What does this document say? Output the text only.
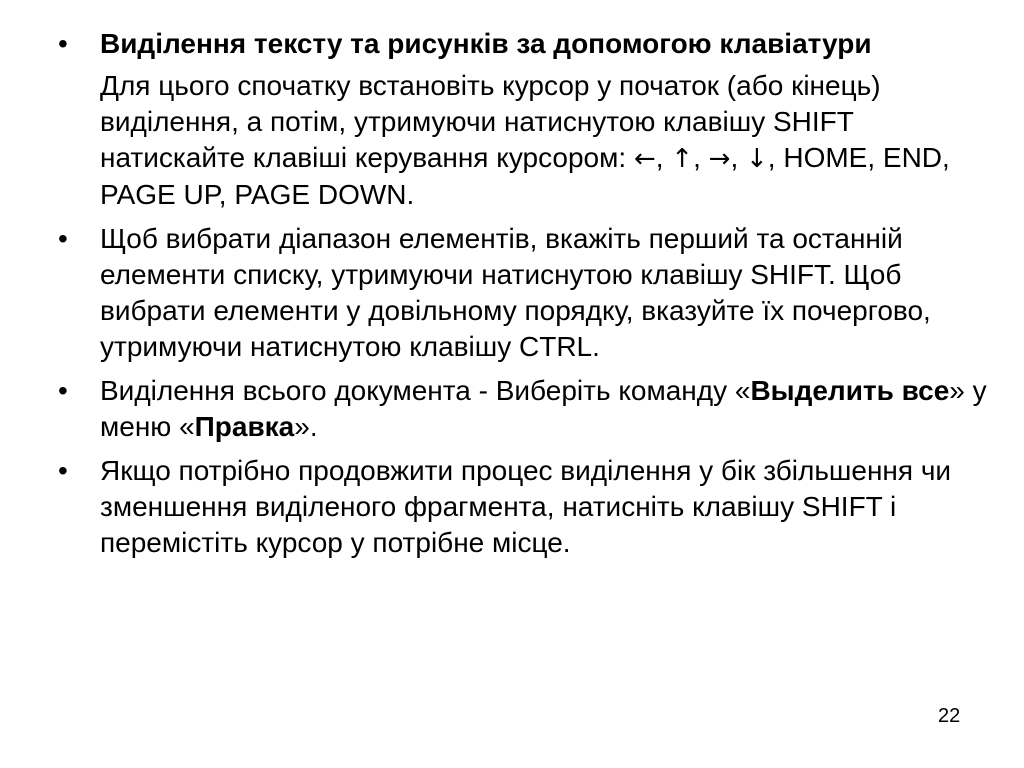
•	Виділення тексту та рисунків за допомогою клавіатури
Для цього спочатку встановіть курсор у початок (або кінець) виділення, а потім, утримуючи натиснутою клавішу SHIFT натискайте клавіші керування курсором: ←, ↑, →, ↓, HOME, END, PAGE UP, PAGE DOWN.
•	Щоб вибрати діапазон елементів, вкажіть перший та останній елементи списку, утримуючи натиснутою клавішу SHIFT. Щоб вибрати елементи у довільному порядку, вказуйте їх почергово, утримуючи натиснутою клавішу CTRL.
•	Виділення всього документа - Виберіть команду «Выделить все» у меню «Правка».
•	Якщо потрібно продовжити процес виділення у бік збільшення чи зменшення виділеного фрагмента, натисніть клавішу SHIFT і перемістіть курсор у потрібне місце.
22
